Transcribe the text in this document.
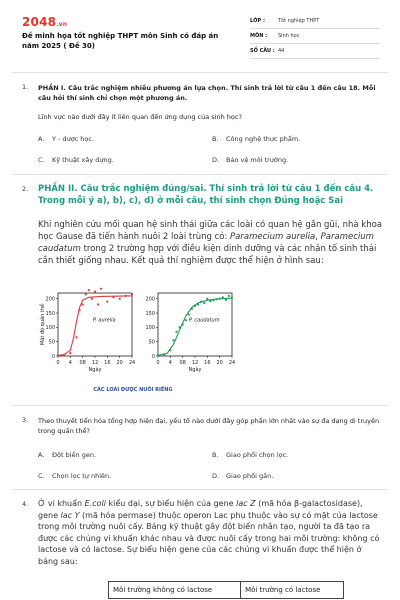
2048.vn
Đề minh họa tốt nghiệp THPT môn Sinh có đáp án năm 2025 ( Đề 30)
LỚP :	Tốt nghiệp THPT
MÔN :	Sinh học
SỐ CÂU : 44
1. PHẦN I. Câu trắc nghiệm nhiều phương án lựa chọn. Thí sinh trả lời từ câu 1 đến câu 18. Mỗi câu hỏi thí sinh chỉ chọn một phương án.
Lĩnh vực nào dưới đây ít liên quan đến ứng dụng của sinh học?
A. Y - dược học.	B. Công nghệ thực phẩm.
C. Kỹ thuật xây dựng.	D. Bảo vệ môi trường.
2. PHẦN II. Câu trắc nghiệm đúng/sai. Thí sinh trả lời từ câu 1 đến câu 4. Trong mỗi ý a), b), c), d) ở mỗi câu, thí sinh chọn Đúng hoặc Sai
Khi nghiên cứu mối quan hệ sinh thái giữa các loài có quan hệ gần gũi, nhà khoa học Gause đã tiến hành nuôi 2 loài trùng cỏ: Paramecium aurelia, Paramecium caudatum trong 2 trường hợp với điều kiện dinh dưỡng và các nhân tố sinh thái cần thiết giống nhau. Kết quả thí nghiệm được thể hiện ở hình sau:
0
50
100
150
200
0 4 08 12 16 20 24
Ngày
Mật độ quần thể	P. aurelia
0
50
100
150
200
0 4 08 12 16 20 24
Ngày
P. caudatum
CÁC LOÀI ĐƯỢC NUÔI RIÊNG
3. Theo thuyết tiến hóa tổng hợp hiện đại, yếu tố nào dưới đây góp phần lớn nhất vào sự đa dạng di truyền trong quần thể?
A. Đột biến gen.	B. Giao phối chọn lọc.
C. Chọn lọc tự nhiên.	D. Giao phối gần.
4. Ở vi khuẩn E.coli kiểu dại, sự biểu hiện của gene lac Z (mã hóa β-galactosidase), gene lac Y (mã hóa permase) thuộc operon Lac phụ thuộc vào sự có mặt của lactose trong môi trường nuôi cấy. Bảng kỹ thuật gây đột biến nhân tạo, người ta đã tạo ra được các chủng vi khuẩn khác nhau và được nuôi cấy trong hai môi trường: không có lactose và có lactose. Sự biểu hiện gene của các chủng vi khuẩn được thể hiện ở bảng sau:
	Môi trường không có lactose	Môi trường có lactose
